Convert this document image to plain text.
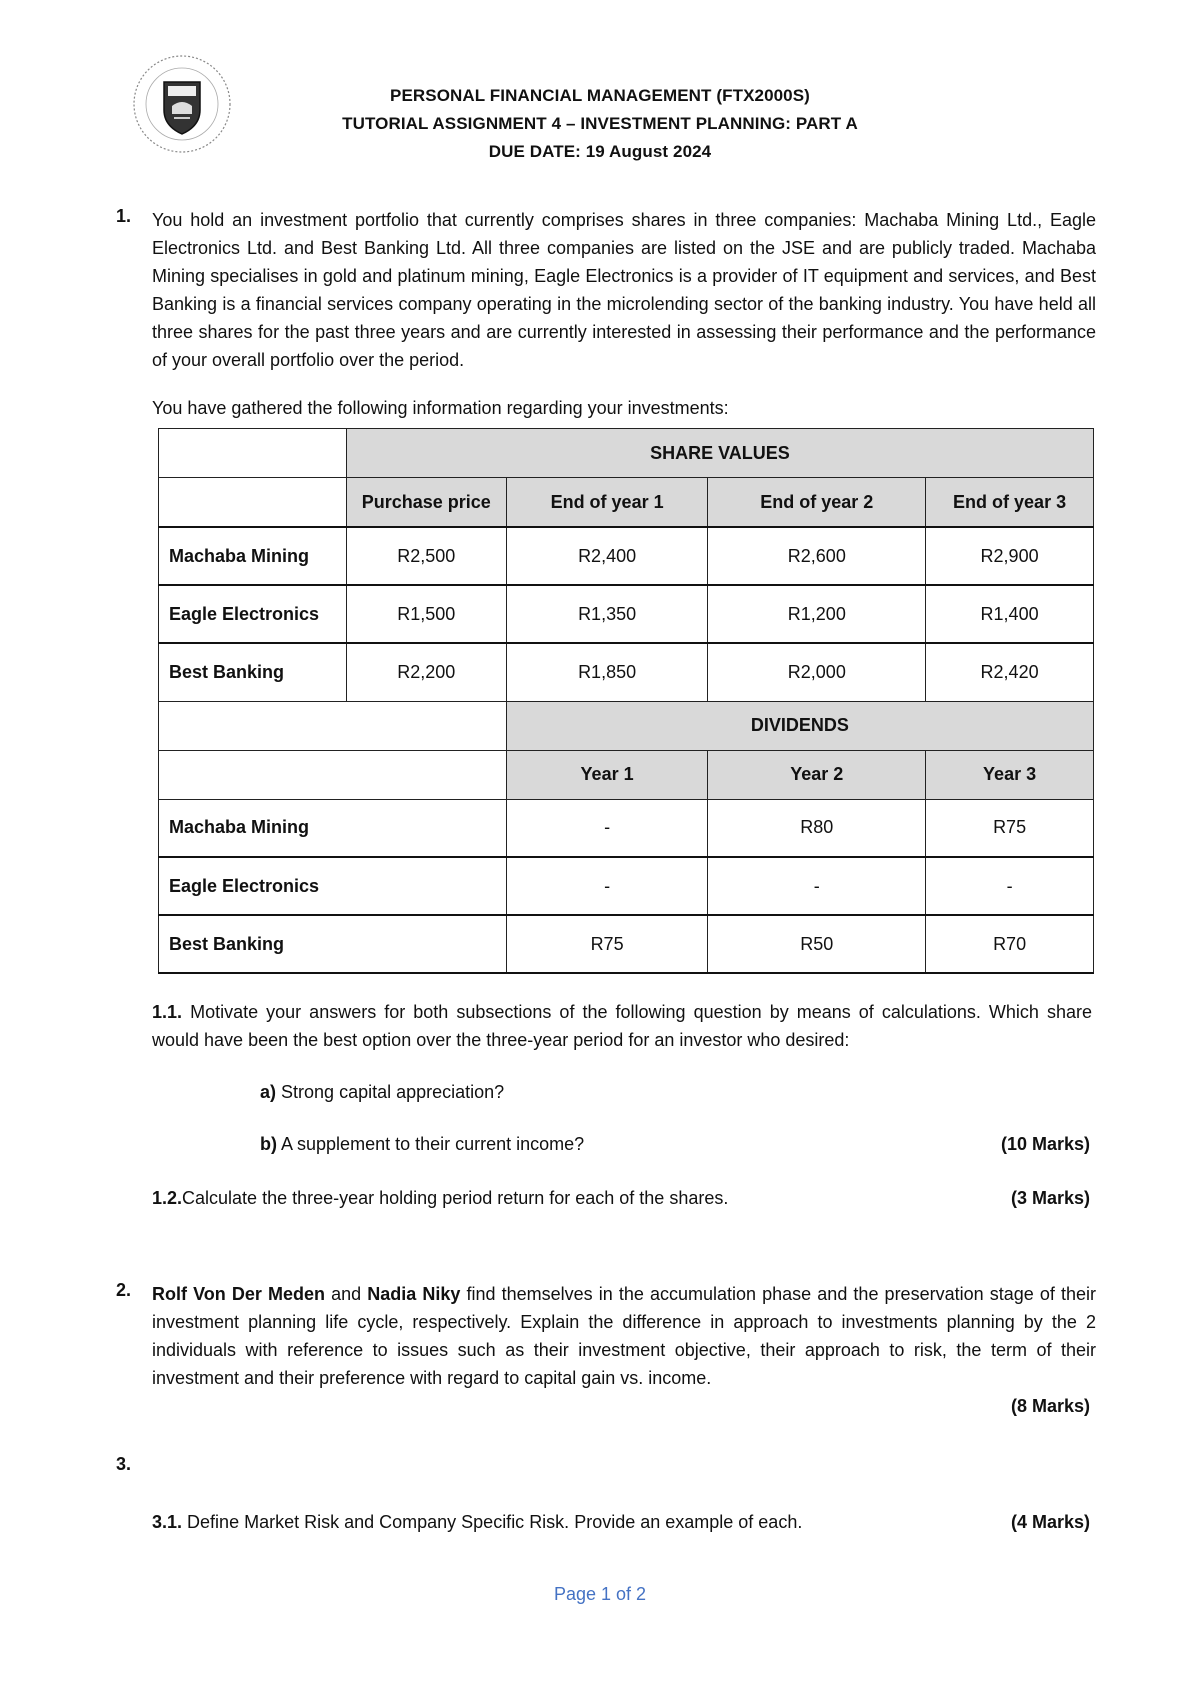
PERSONAL FINANCIAL MANAGEMENT (FTX2000S)
TUTORIAL ASSIGNMENT 4 – INVESTMENT PLANNING: PART A
DUE DATE: 19 August 2024
1. You hold an investment portfolio that currently comprises shares in three companies: Machaba Mining Ltd., Eagle Electronics Ltd. and Best Banking Ltd. All three companies are listed on the JSE and are publicly traded. Machaba Mining specialises in gold and platinum mining, Eagle Electronics is a provider of IT equipment and services, and Best Banking is a financial services company operating in the microlending sector of the banking industry. You have held all three shares for the past three years and are currently interested in assessing their performance and the performance of your overall portfolio over the period.
You have gathered the following information regarding your investments:
	SHARE VALUES			
	Purchase price	End of year 1	End of year 2	End of year 3
Machaba Mining	R2,500	R2,400	R2,600	R2,900
Eagle Electronics	R1,500	R1,350	R1,200	R1,400
Best Banking	R2,200	R1,850	R2,000	R2,420
		DIVIDENDS		
		Year 1	Year 2	Year 3
Machaba Mining		-	R80	R75
Eagle Electronics		-	-	-
Best Banking		R75	R50	R70
1.1. Motivate your answers for both subsections of the following question by means of calculations. Which share would have been the best option over the three-year period for an investor who desired:
a) Strong capital appreciation?
b) A supplement to their current income?	(10 Marks)
1.2.Calculate the three-year holding period return for each of the shares.	(3 Marks)
2. Rolf Von Der Meden and Nadia Niky find themselves in the accumulation phase and the preservation stage of their investment planning life cycle, respectively. Explain the difference in approach to investments planning by the 2 individuals with reference to issues such as their investment objective, their approach to risk, the term of their investment and their preference with regard to capital gain vs. income.
(8 Marks)
3.
3.1. Define Market Risk and Company Specific Risk. Provide an example of each.	(4 Marks)
Page 1 of 2
